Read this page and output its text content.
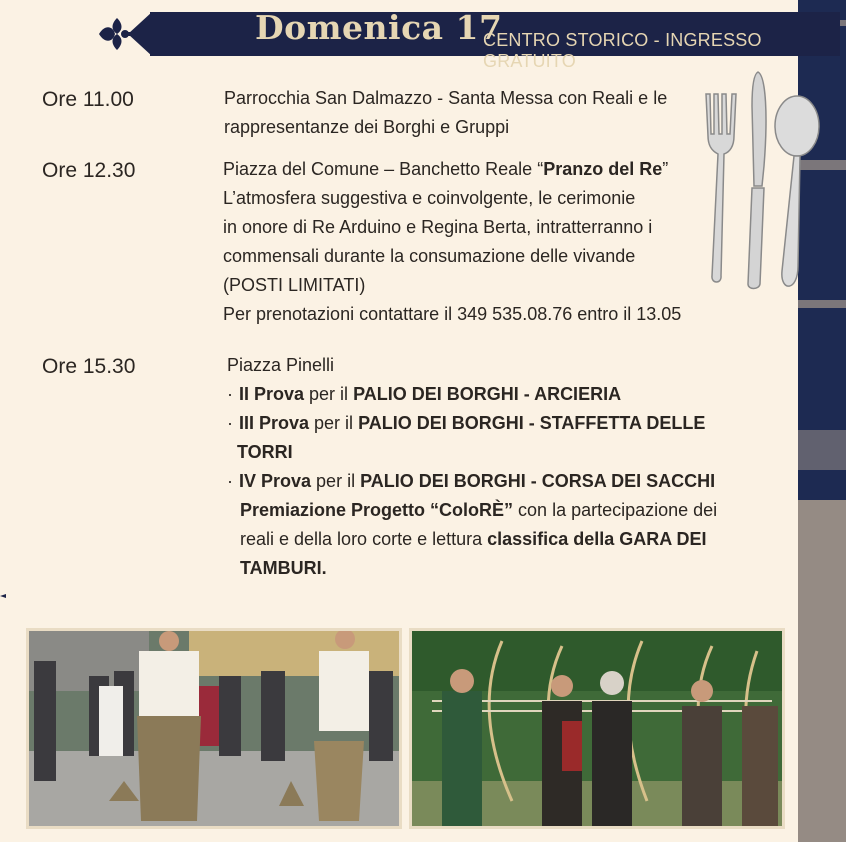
Domenica 17
CENTRO STORICO - INGRESSO GRATUITO
Ore 11.00	Parrocchia San Dalmazzo - Santa Messa con Reali e le
rappresentanze dei Borghi e Gruppi
Ore 12.30	Piazza del Comune – Banchetto Reale “Pranzo del Re”
L’atmosfera suggestiva e coinvolgente, le cerimonie
in onore di Re Arduino e Regina Berta, intratterranno i
commensali durante la consumazione delle vivande
(POSTI LIMITATI)
Per prenotazioni contattare il 349 535.08.76 entro il 13.05
Ore 15.30	Piazza Pinelli
· II Prova per il PALIO DEI BORGHI - ARCIERIA
· III Prova per il PALIO DEI BORGHI - STAFFETTA DELLE
TORRI
· IV Prova per il PALIO DEI BORGHI - CORSA DEI SACCHI
Premiazione Progetto “ColoRÈ” con la partecipazione dei
reali e della loro corte e lettura classifica della GARA DEI
TAMBURI.
